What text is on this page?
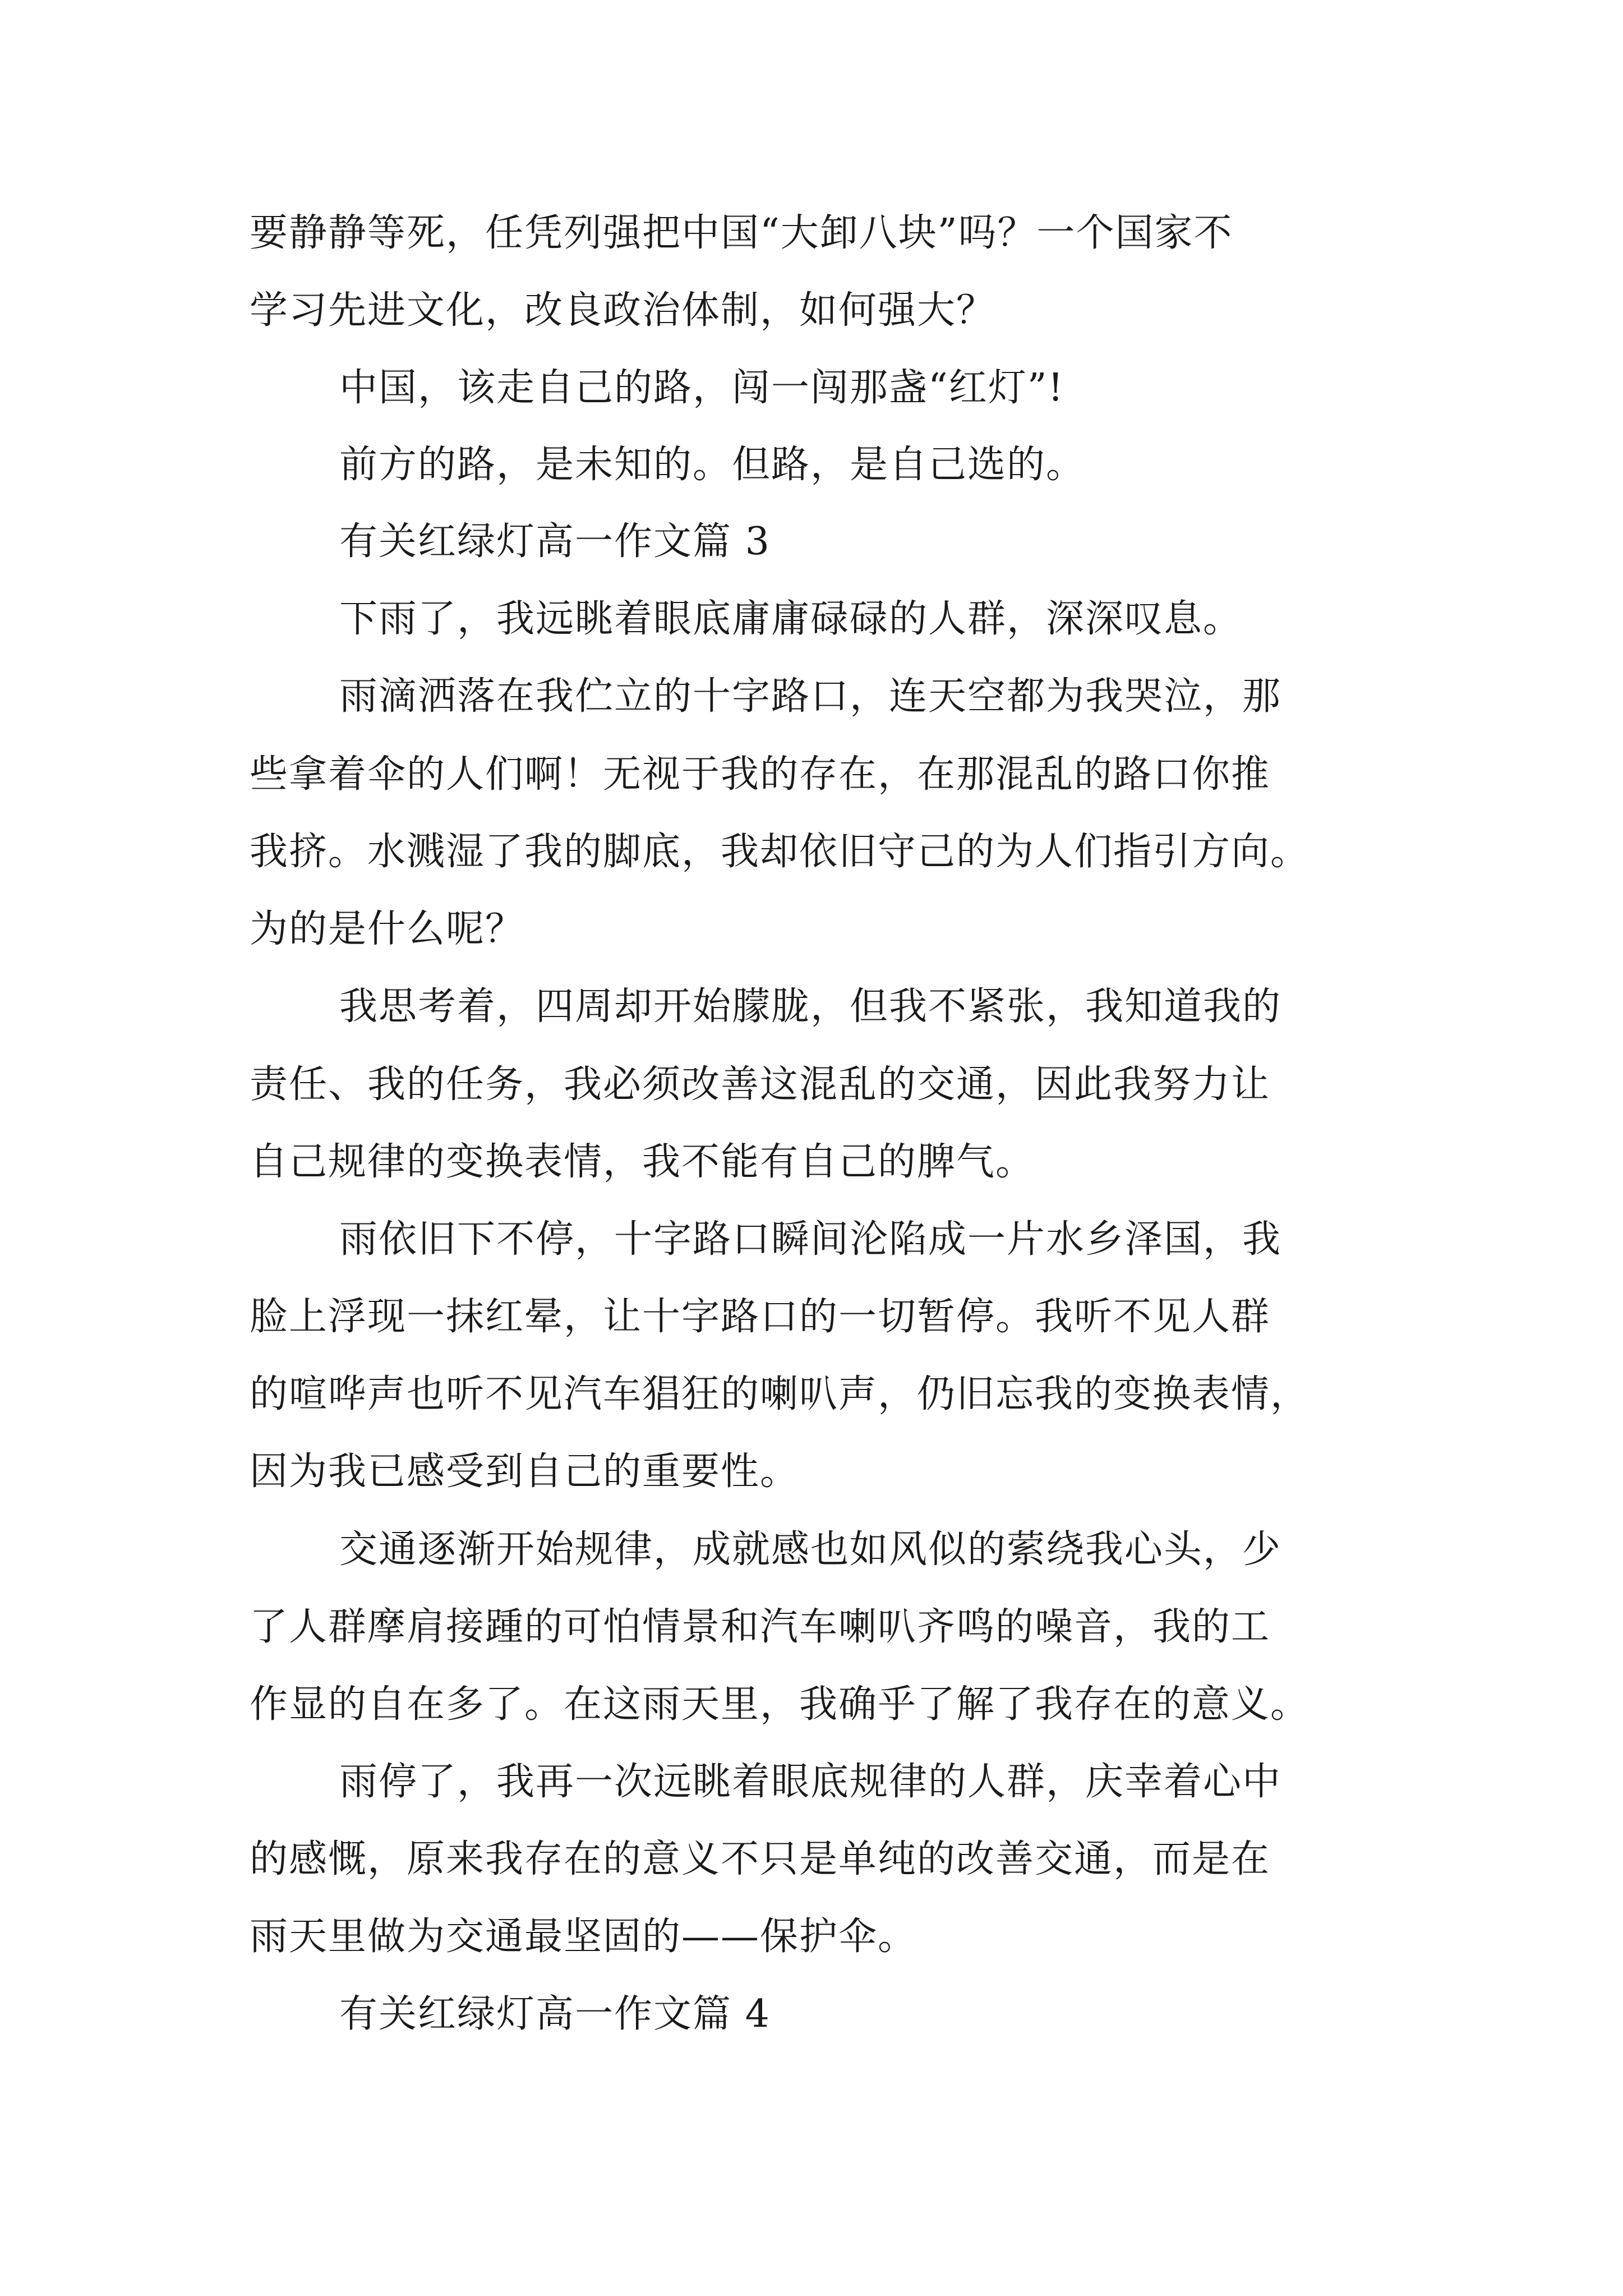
要静静等死，任凭列强把中国“大卸八块”吗？一个国家不
学习先进文化，改良政治体制，如何强大？
中国，该走自己的路，闯一闯那盏“红灯”!
前方的路，是未知的。但路，是自己选的。
有关红绿灯高一作文篇 3
下雨了，我远眺着眼底庸庸碌碌的人群，深深叹息。
雨滴洒落在我伫立的十字路口，连天空都为我哭泣，那
些拿着伞的人们啊！无视于我的存在，在那混乱的路口你推
我挤。水溅湿了我的脚底，我却依旧守己的为人们指引方向。
为的是什么呢？
我思考着，四周却开始朦胧，但我不紧张，我知道我的
责任、我的任务，我必须改善这混乱的交通，因此我努力让
自己规律的变换表情，我不能有自己的脾气。
雨依旧下不停，十字路口瞬间沦陷成一片水乡泽国，我
脸上浮现一抹红晕，让十字路口的一切暂停。我听不见人群
的喧哗声也听不见汽车猖狂的喇叭声，仍旧忘我的变换表情，
因为我已感受到自己的重要性。
交通逐渐开始规律，成就感也如风似的萦绕我心头，少
了人群摩肩接踵的可怕情景和汽车喇叭齐鸣的噪音，我的工
作显的自在多了。在这雨天里，我确乎了解了我存在的意义。
雨停了，我再一次远眺着眼底规律的人群，庆幸着心中
的感慨，原来我存在的意义不只是单纯的改善交通，而是在
雨天里做为交通最坚固的——保护伞。
有关红绿灯高一作文篇 4
